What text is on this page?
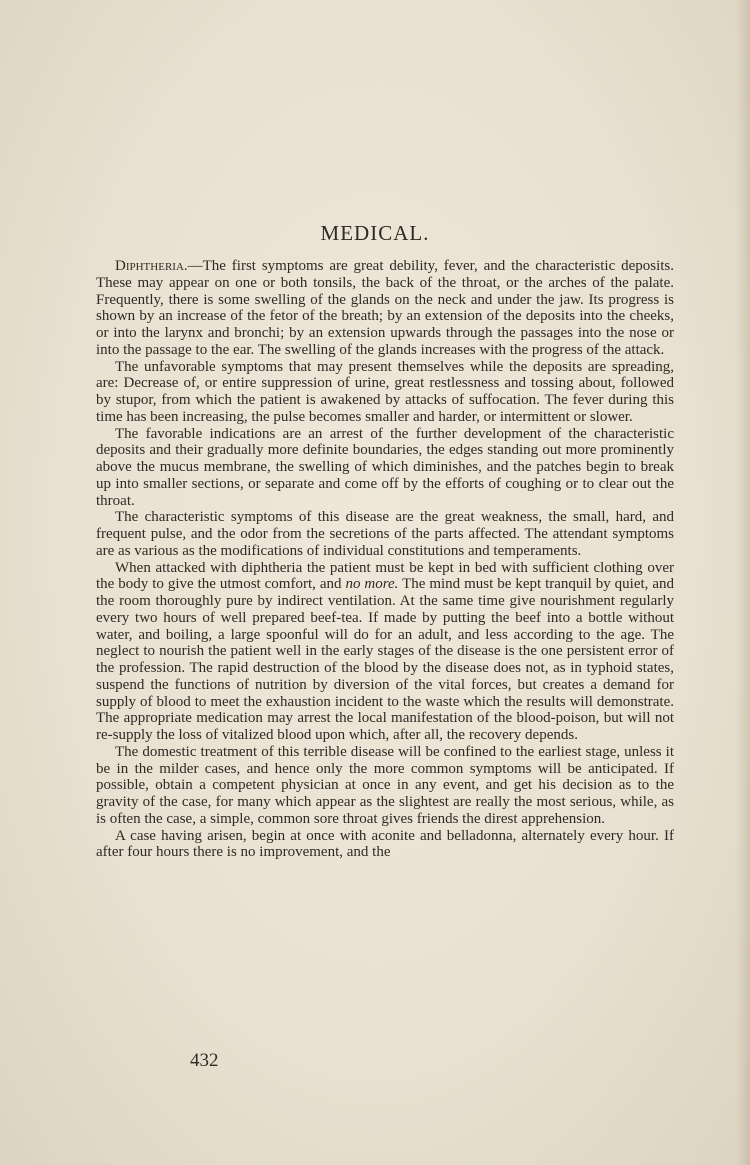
MEDICAL.

Diphtheria.—The first symptoms are great debility, fever, and the characteristic deposits. These may appear on one or both tonsils, the back of the throat, or the arches of the palate. Frequently, there is some swelling of the glands on the neck and under the jaw. Its progress is shown by an increase of the fetor of the breath; by an extension of the deposits into the cheeks, or into the larynx and bronchi; by an extension upwards through the passages into the nose or into the passage to the ear. The swelling of the glands increases with the progress of the attack.

The unfavorable symptoms that may present themselves while the deposits are spreading, are: Decrease of, or entire suppression of urine, great restlessness and tossing about, followed by stupor, from which the patient is awakened by attacks of suffocation. The fever during this time has been increasing, the pulse becomes smaller and harder, or intermittent or slower.

The favorable indications are an arrest of the further development of the characteristic deposits and their gradually more definite boundaries, the edges standing out more prominently above the mucus membrane, the swelling of which diminishes, and the patches begin to break up into smaller sections, or separate and come off by the efforts of coughing or to clear out the throat.

The characteristic symptoms of this disease are the great weakness, the small, hard, and frequent pulse, and the odor from the secretions of the parts affected. The attendant symptoms are as various as the modifications of individual constitutions and temperaments.

When attacked with diphtheria the patient must be kept in bed with sufficient clothing over the body to give the utmost comfort, and no more. The mind must be kept tranquil by quiet, and the room thoroughly pure by indirect ventilation. At the same time give nourishment regularly every two hours of well prepared beef-tea. If made by putting the beef into a bottle without water, and boiling, a large spoonful will do for an adult, and less according to the age. The neglect to nourish the patient well in the early stages of the disease is the one persistent error of the profession. The rapid destruction of the blood by the disease does not, as in typhoid states, suspend the functions of nutrition by diversion of the vital forces, but creates a demand for supply of blood to meet the exhaustion incident to the waste which the results will demonstrate. The appropriate medication may arrest the local manifestation of the blood-poison, but will not re-supply the loss of vitalized blood upon which, after all, the recovery depends.

The domestic treatment of this terrible disease will be confined to the earliest stage, unless it be in the milder cases, and hence only the more common symptoms will be anticipated. If possible, obtain a competent physician at once in any event, and get his decision as to the gravity of the case, for many which appear as the slightest are really the most serious, while, as is often the case, a simple, common sore throat gives friends the direst apprehension.

A case having arisen, begin at once with aconite and belladonna, alternately every hour. If after four hours there is no improvement, and the

432
